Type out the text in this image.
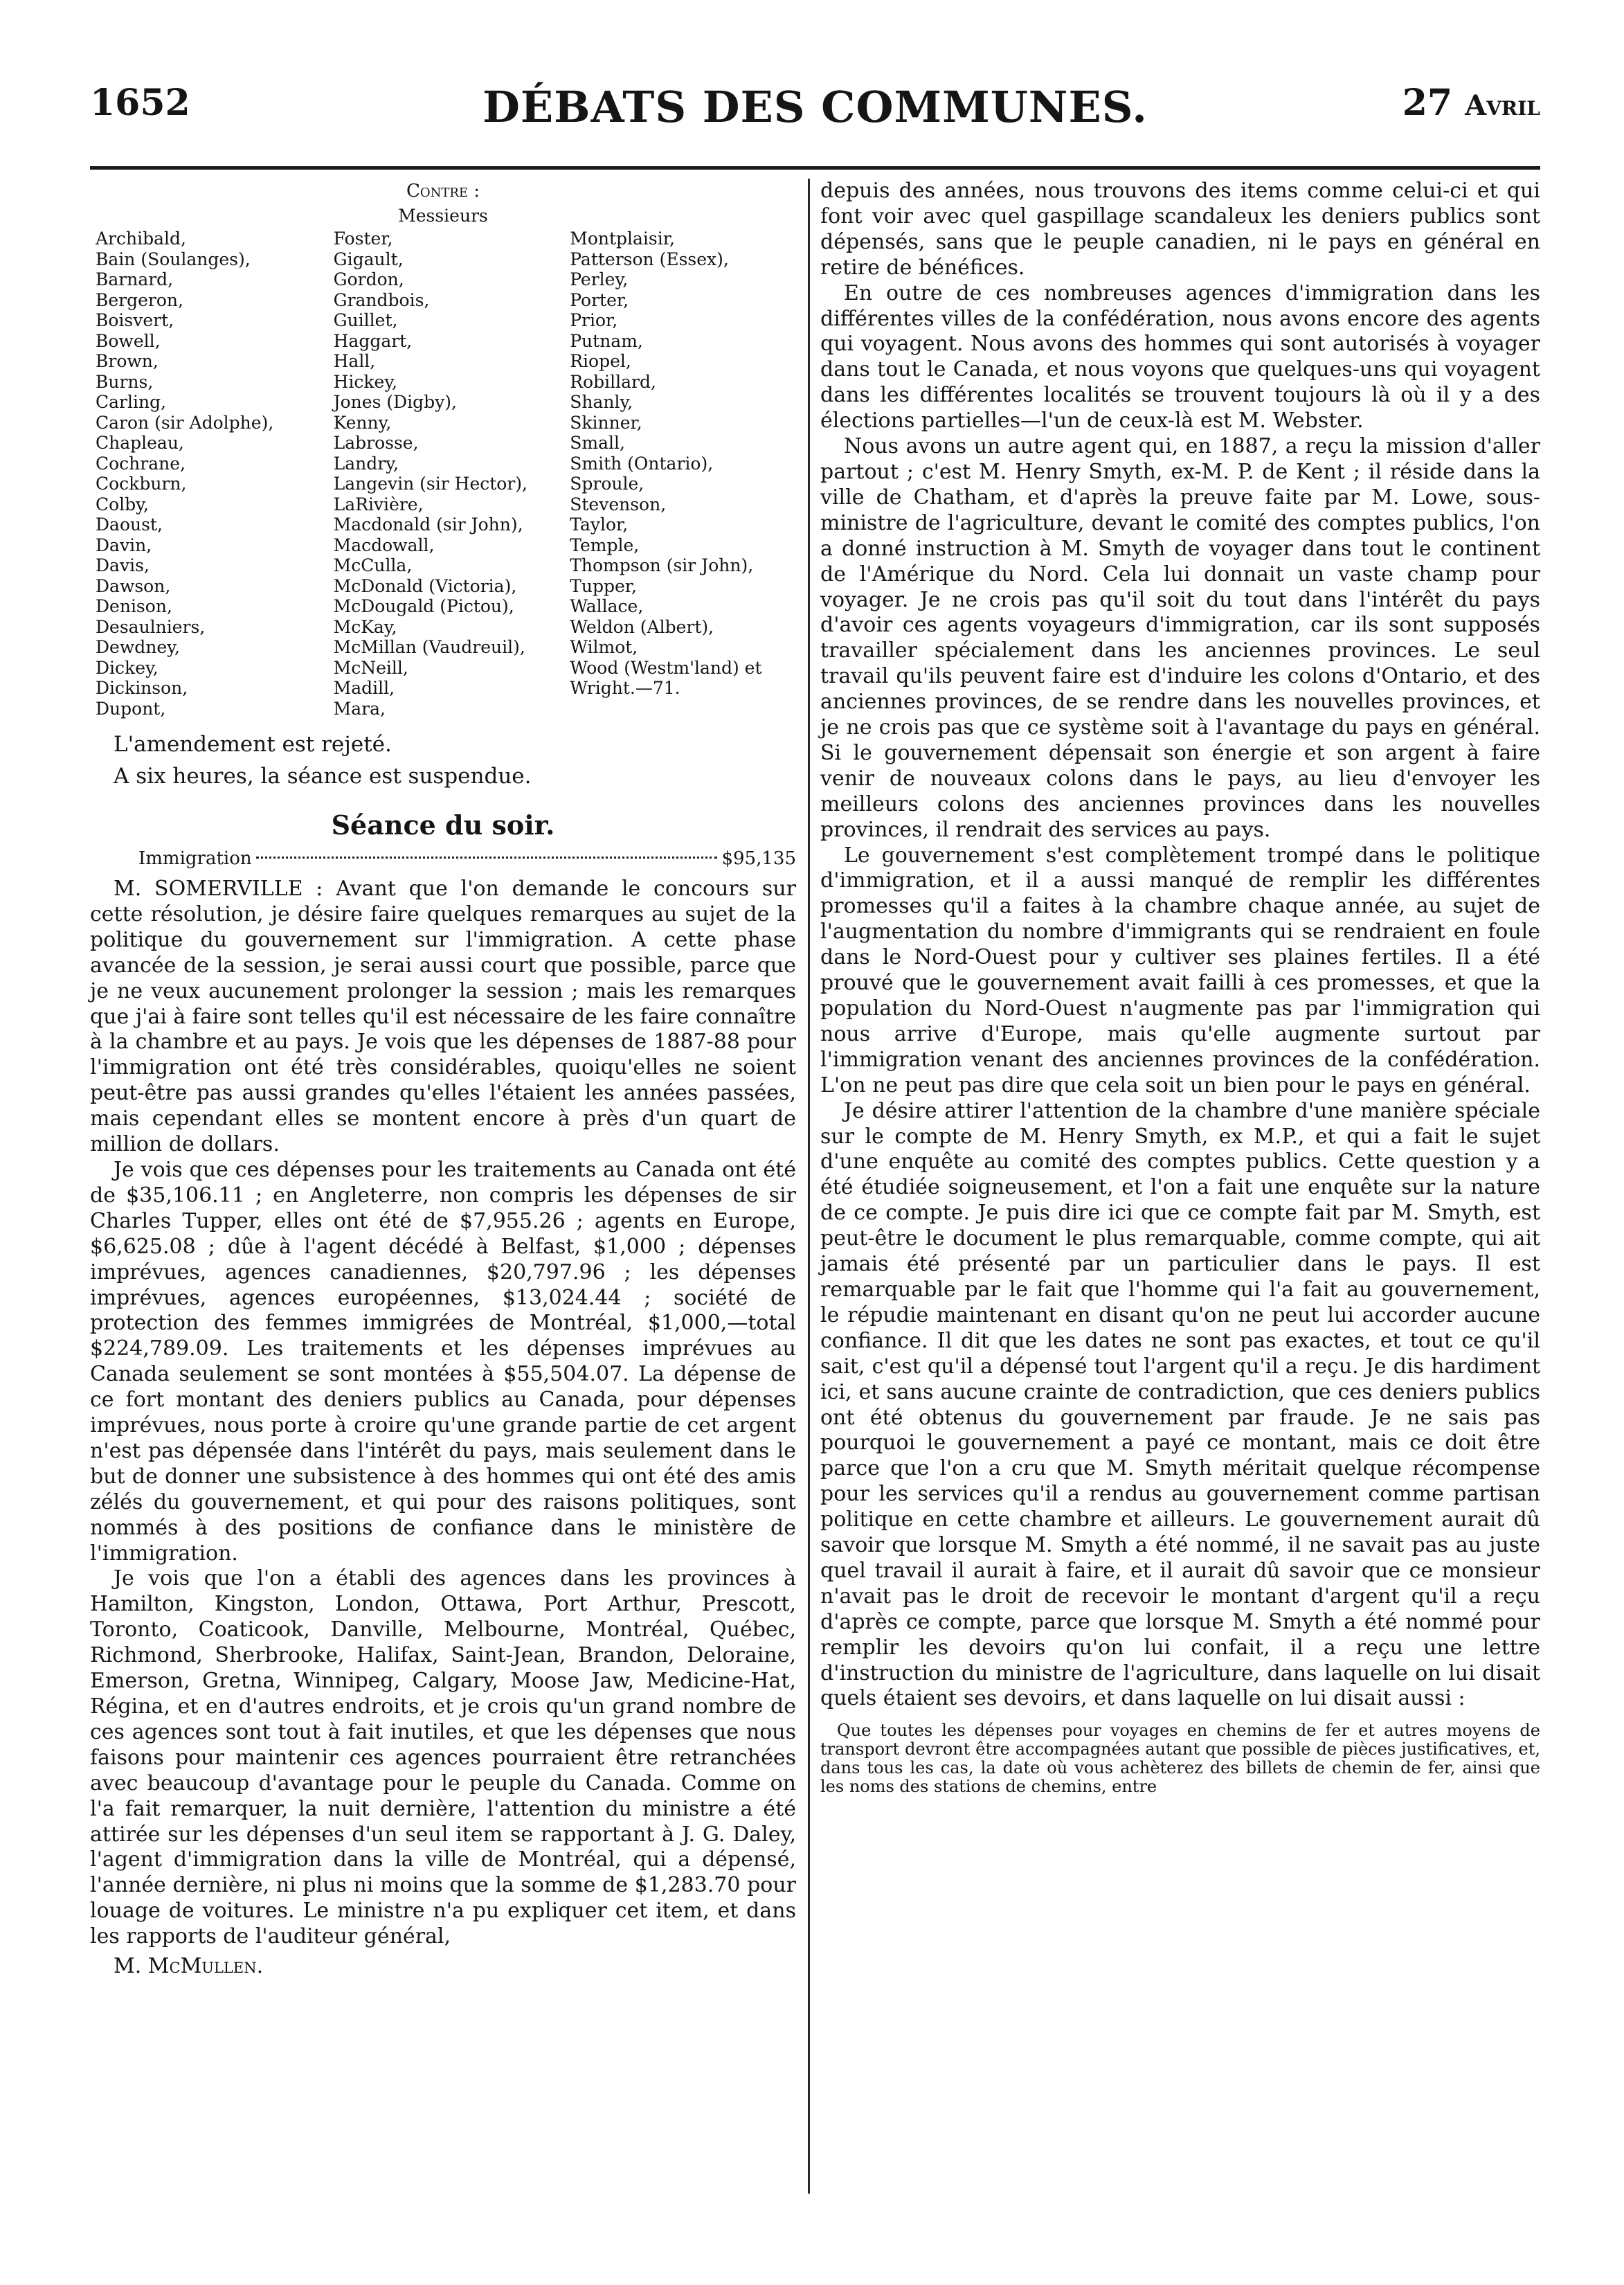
DÉBATS DES COMMUNES.
1652	27 Avril
Contre :
Messieurs
Archibald,
Bain (Soulanges),
Barnard,
Bergeron,
Boisvert,
Bowell,
Brown,
Burns,
Carling,
Caron (sir Adolphe),
Chapleau,
Cochrane,
Cockburn,
Colby,
Daoust,
Davin,
Davis,
Dawson,
Denison,
Desaulniers,
Dewdney,
Dickey,
Dickinson,
Dupont,
Foster,
Gigault,
Gordon,
Grandbois,
Guillet,
Haggart,
Hall,
Hickey,
Jones (Digby),
Kenny,
Labrosse,
Landry,
Langevin (sir Hector),
LaRivière,
Macdonald (sir John),
Macdowall,
McCulla,
McDonald (Victoria),
McDougald (Pictou),
McKay,
McMillan (Vaudreuil),
McNeill,
Madill,
Mara,
Montplaisir,
Patterson (Essex),
Perley,
Porter,
Prior,
Putnam,
Riopel,
Robillard,
Shanly,
Skinner,
Small,
Smith (Ontario),
Sproule,
Stevenson,
Taylor,
Temple,
Thompson (sir John),
Tupper,
Wallace,
Weldon (Albert),
Wilmot,
Wood (Westm'land) et
Wright.—71.

L'amendement est rejeté.

A six heures, la séance est suspendue.

Séance du soir.
Immigration	$95,135

M. SOMERVILLE : Avant que l'on demande le concours sur cette résolution, je désire faire quelques remarques au sujet de la politique du gouvernement sur l'immigration. A cette phase avancée de la session, je serai aussi court que possible, parce que je ne veux aucunement prolonger la session ; mais les remarques que j'ai à faire sont telles qu'il est nécessaire de les faire connaître à la chambre et au pays. Je vois que les dépenses de 1887-88 pour l'immigration ont été très considérables, quoiqu'elles ne soient peut-être pas aussi grandes qu'elles l'étaient les années passées, mais cependant elles se montent encore à près d'un quart de million de dollars.

Je vois que ces dépenses pour les traitements au Canada ont été de $35,106.11 ; en Angleterre, non compris les dépenses de sir Charles Tupper, elles ont été de $7,955.26 ; agents en Europe, $6,625.08 ; dûe à l'agent décédé à Belfast, $1,000 ; dépenses imprévues, agences canadiennes, $20,797.96 ; les dépenses imprévues, agences européennes, $13,024.44 ; société de protection des femmes immigrées de Montréal, $1,000,—total $224,789.09. Les traitements et les dépenses imprévues au Canada seulement se sont montées à $55,504.07. La dépense de ce fort montant des deniers publics au Canada, pour dépenses imprévues, nous porte à croire qu'une grande partie de cet argent n'est pas dépensée dans l'intérêt du pays, mais seulement dans le but de donner une subsistence à des hommes qui ont été des amis zélés du gouvernement, et qui pour des raisons politiques, sont nommés à des positions de confiance dans le ministère de l'immigration.

Je vois que l'on a établi des agences dans les provinces à Hamilton, Kingston, London, Ottawa, Port Arthur, Prescott, Toronto, Coaticook, Danville, Melbourne, Montréal, Québec, Richmond, Sherbrooke, Halifax, Saint-Jean, Brandon, Deloraine, Emerson, Gretna, Winnipeg, Calgary, Moose Jaw, Medicine-Hat, Régina, et en d'autres endroits, et je crois qu'un grand nombre de ces agences sont tout à fait inutiles, et que les dépenses que nous faisons pour maintenir ces agences pourraient être retranchées avec beaucoup d'avantage pour le peuple du Canada. Comme on l'a fait remarquer, la nuit dernière, l'attention du ministre a été attirée sur les dépenses d'un seul item se rapportant à J. G. Daley, l'agent d'immigration dans la ville de Montréal, qui a dépensé, l'année dernière, ni plus ni moins que la somme de $1,283.70 pour louage de voitures. Le ministre n'a pu expliquer cet item, et dans les rapports de l'auditeur général,

M. McMullen.

depuis des années, nous trouvons des items comme celui-ci et qui font voir avec quel gaspillage scandaleux les deniers publics sont dépensés, sans que le peuple canadien, ni le pays en général en retire de bénéfices.

En outre de ces nombreuses agences d'immigration dans les différentes villes de la confédération, nous avons encore des agents qui voyagent. Nous avons des hommes qui sont autorisés à voyager dans tout le Canada, et nous voyons que quelques-uns qui voyagent dans les différentes localités se trouvent toujours là où il y a des élections partielles—l'un de ceux-là est M. Webster.

Nous avons un autre agent qui, en 1887, a reçu la mission d'aller partout ; c'est M. Henry Smyth, ex-M. P. de Kent ; il réside dans la ville de Chatham, et d'après la preuve faite par M. Lowe, sous-ministre de l'agriculture, devant le comité des comptes publics, l'on a donné instruction à M. Smyth de voyager dans tout le continent de l'Amérique du Nord. Cela lui donnait un vaste champ pour voyager. Je ne crois pas qu'il soit du tout dans l'intérêt du pays d'avoir ces agents voyageurs d'immigration, car ils sont supposés travailler spécialement dans les anciennes provinces. Le seul travail qu'ils peuvent faire est d'induire les colons d'Ontario, et des anciennes provinces, de se rendre dans les nouvelles provinces, et je ne crois pas que ce système soit à l'avantage du pays en général. Si le gouvernement dépensait son énergie et son argent à faire venir de nouveaux colons dans le pays, au lieu d'envoyer les meilleurs colons des anciennes provinces dans les nouvelles provinces, il rendrait des services au pays.

Le gouvernement s'est complètement trompé dans le politique d'immigration, et il a aussi manqué de remplir les différentes promesses qu'il a faites à la chambre chaque année, au sujet de l'augmentation du nombre d'immigrants qui se rendraient en foule dans le Nord-Ouest pour y cultiver ses plaines fertiles. Il a été prouvé que le gouvernement avait failli à ces promesses, et que la population du Nord-Ouest n'augmente pas par l'immigration qui nous arrive d'Europe, mais qu'elle augmente surtout par l'immigration venant des anciennes provinces de la confédération. L'on ne peut pas dire que cela soit un bien pour le pays en général.

Je désire attirer l'attention de la chambre d'une manière spéciale sur le compte de M. Henry Smyth, ex M.P., et qui a fait le sujet d'une enquête au comité des comptes publics. Cette question y a été étudiée soigneusement, et l'on a fait une enquête sur la nature de ce compte. Je puis dire ici que ce compte fait par M. Smyth, est peut-être le document le plus remarquable, comme compte, qui ait jamais été présenté par un particulier dans le pays. Il est remarquable par le fait que l'homme qui l'a fait au gouvernement, le répudie maintenant en disant qu'on ne peut lui accorder aucune confiance. Il dit que les dates ne sont pas exactes, et tout ce qu'il sait, c'est qu'il a dépensé tout l'argent qu'il a reçu. Je dis hardiment ici, et sans aucune crainte de contradiction, que ces deniers publics ont été obtenus du gouvernement par fraude. Je ne sais pas pourquoi le gouvernement a payé ce montant, mais ce doit être parce que l'on a cru que M. Smyth méritait quelque récompense pour les services qu'il a rendus au gouvernement comme partisan politique en cette chambre et ailleurs. Le gouvernement aurait dû savoir que lorsque M. Smyth a été nommé, il ne savait pas au juste quel travail il aurait à faire, et il aurait dû savoir que ce monsieur n'avait pas le droit de recevoir le montant d'argent qu'il a reçu d'après ce compte, parce que lorsque M. Smyth a été nommé pour remplir les devoirs qu'on lui confait, il a reçu une lettre d'instruction du ministre de l'agriculture, dans laquelle on lui disait quels étaient ses devoirs, et dans laquelle on lui disait aussi :

Que toutes les dépenses pour voyages en chemins de fer et autres moyens de transport devront être accompagnées autant que possible de pièces justificatives, et, dans tous les cas, la date où vous achèterez des billets de chemin de fer, ainsi que les noms des stations de chemins, entre
